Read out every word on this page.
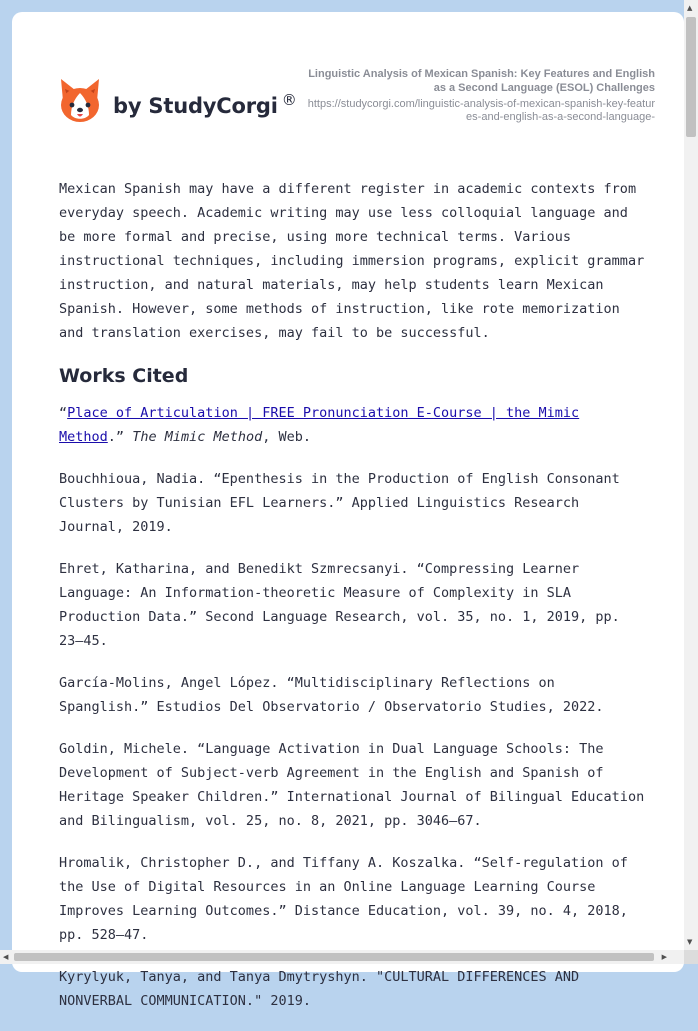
by StudyCorgi ®
Linguistic Analysis of Mexican Spanish: Key Features and English as a Second Language (ESOL) Challenges
https://studycorgi.com/linguistic-analysis-of-mexican-spanish-key-features-and-english-as-a-second-language-

Mexican Spanish may have a different register in academic contexts from everyday speech. Academic writing may use less colloquial language and be more formal and precise, using more technical terms. Various instructional techniques, including immersion programs, explicit grammar instruction, and natural materials, may help students learn Mexican Spanish. However, some methods of instruction, like rote memorization and translation exercises, may fail to be successful.

Works Cited

“Place of Articulation | FREE Pronunciation E-Course | the Mimic Method.” The Mimic Method, Web.

Bouchhioua, Nadia. “Epenthesis in the Production of English Consonant Clusters by Tunisian EFL Learners.” Applied Linguistics Research Journal, 2019.

Ehret, Katharina, and Benedikt Szmrecsanyi. “Compressing Learner Language: An Information-theoretic Measure of Complexity in SLA Production Data.” Second Language Research, vol. 35, no. 1, 2019, pp. 23–45.

García-Molins, Angel López. “Multidisciplinary Reflections on Spanglish.” Estudios Del Observatorio / Observatorio Studies, 2022.

Goldin, Michele. “Language Activation in Dual Language Schools: The Development of Subject-verb Agreement in the English and Spanish of Heritage Speaker Children.” International Journal of Bilingual Education and Bilingualism, vol. 25, no. 8, 2021, pp. 3046–67.

Hromalik, Christopher D., and Tiffany A. Koszalka. “Self-regulation of the Use of Digital Resources in an Online Language Learning Course Improves Learning Outcomes.” Distance Education, vol. 39, no. 4, 2018, pp. 528–47.

Kyrylyuk, Tanya, and Tanya Dmytryshyn. "CULTURAL DIFFERENCES AND NONVERBAL COMMUNICATION." 2019.

▲
▼
◀	▶
